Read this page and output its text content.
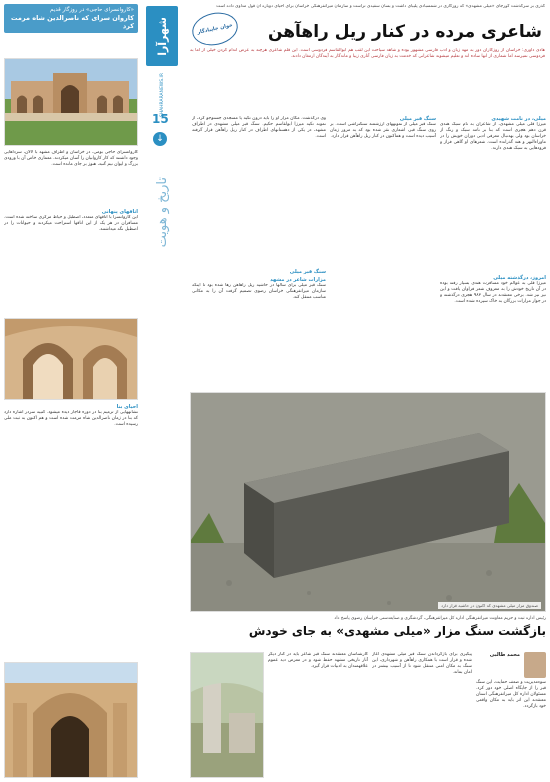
گذری بر سرگذشت گورجای «میلی مشهدی» که روزگاری در شمسبادی پلیبای داشت و بسان سفیدی تراست و سازمان میراثفرهنگی خراسان برای احیای دوباره آن قول مداوی داده است
خوان جانِبادگار	شاعری مرده در کنار ریل راهآهن
هادی داوری: خراسان از روزگاران دور به مهد زبان و ادب فارسی مشهور بوده و شاهد سیاحت این لقب هم ابوالقاسم فردوسی است. این قلم شاعری هرچند به عرض اندام کردن خیلی از اما به فردوسی نمیرسد اما شماری از انها ساده اند و تعلیم میشوند شاعرانی که خدمت به زبان فارسی آثاری زیبا و ماندگار به آیندگان ارمغان دادند.
شهرآرا
SHAHRARANEWS.IR
15
↓
تاریخ و هویت
«کاروانسرای حاجی» در روزگار قدیم
کاروان سرای که ناصرالدین شاه مرمت کرد
کاروانسرای حاجی بومی، در خراسان و اطراف مشهد با لالان، سرداهایی وجود داشتند که کار کاروانیان را آسان میکردند. معماری خاص آن با ورودی بزرگ و ایوان نیم گنبد، هنوز بر جای مانده است.
اتاقهای پنهانی
این کاروانسرا با اتاقهای متعدد، اصطبل و حیاط مرکزی ساخته شده است. مسافران در هر یک از این اتاقها استراحت میکردند و حیوانات را در اصطبل نگه میداشتند.
احیای بنا
نشانههایی از ترمیم بنا در دوره قاجار دیده میشود. کتیبه سردر اشاره دارد که بنا در زمان ناصرالدین شاه مرمت شده است و هم اکنون به ثبت ملی رسیده است.
میلی، در نامت شهیدی
میرزا قلی میلی مشهدی، از شاعران به نام سبک هندی قرن دهم هجری است که بنا بر نامه سبک و رنگ از خراسان بود ولی بهدنبال معرفی ادبی دوران خویش را در ماوراءالنهر و هند گذرانده است. شعرهای او گاهی فراز و فرودهایی به سبک هندی دارند.
امروز، درگذشته میلی
میرزا قلی به عوالم خود مسافرت هندی بسیار رفته بوده در آن تاریخ خودش را به معروف شعر فراوان یافت و این نیز نیز شد. برخی معتقدند در سال ۹۸۳ هجری درگذشته و در جوار مزارات بزرگان به خاک سپرده شده است.
سنگ قبر میلی
سنگ قبر میلی از نمونههای ارزشمند سنگتراشی است. بر روی سنگ قبر، اشعاری نقر شده بود که به مرور زمان آسیب دیده است و هماکنون در کنار ریل راهآهن قرار دارد.
وی درگذشت. مکان مزار او را باید درون تکیه یا مسجدی جستوجو کرد، از نمونه تکیه میرزا ابولقاسم حکیم. سنگ قبر میلی مشهدی در اطراف مشهد، در یکی از دهستانهای اطراف در کنار ریل راهآهن قرار گرفته است.
سنگ قبر میلی
مزارات شاعر در مشهد
سنگ قبر میلی برای سالها در حاشیه ریل راهآهن رها شده بود تا اینکه سازمان میراثفرهنگی خراسان رضوی تصمیم گرفت آن را به مکانی مناسب منتقل کند.
صندوق مزار میلی مشهدی که اکنون در حاشیه قرار دارد
رئیس اداره ثبت و حریم معاونت میراثفرهنگی اداره کل میراثفرهنگی، گردشگری و صنایعدستی خراسان رضوی پاسخ داد
بازگشت سنگ مزار «میلی مشهدی» به جای خودش
محمد طالبی
سوءمدیریت و ضعف حمایت، این سنگ قبر را از جایگاه اصلی خود دور کرد. مسئولان اداره کل میراثفرهنگی استان معتقدند این اثر باید به مکان واقعی خود بازگردد.
پیگیری برای بازگرداندن سنگ قبر میلی مشهدی آغاز شده و قرار است با همکاری راهآهن و شهرداری، این سنگ به مکان امنی منتقل شود تا از آسیب بیشتر در امان بماند.
کارشناسان معتقدند سنگ قبر شاعر باید در کنار دیگر آثار تاریخی مشهد حفظ شود و در معرض دید عموم علاقهمندان به ادبیات قرار گیرد.
